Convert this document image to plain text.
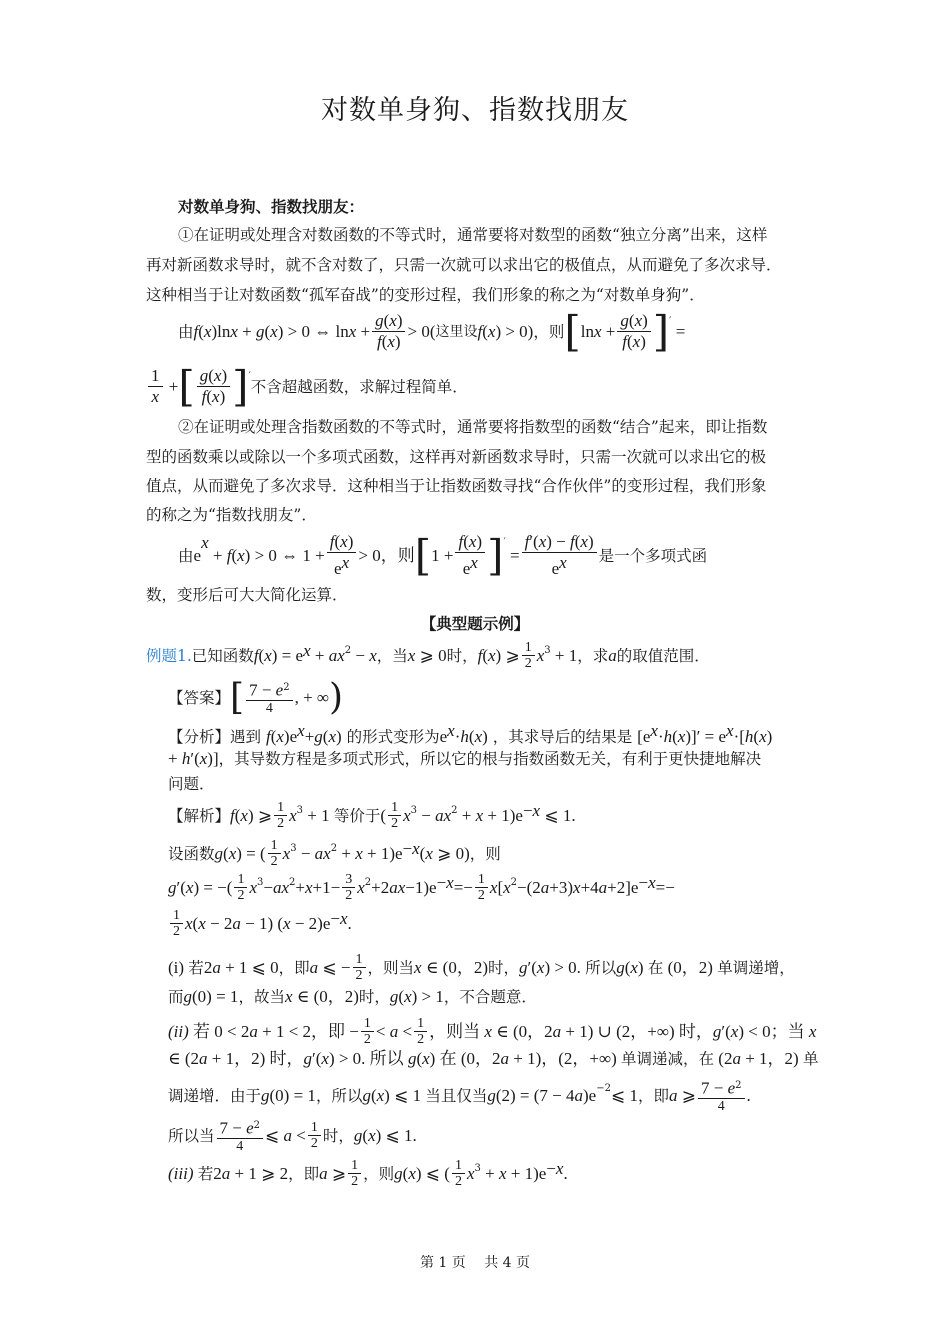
对数单身狗、指数找朋友
对数单身狗、指数找朋友：
①在证明或处理含对数函数的不等式时，通常要将对数型的函数“独立分离”出来，这样
再对新函数求导时，就不含对数了，只需一次就可以求出它的极值点，从而避免了多次求导．
这种相当于让对数函数“孤军奋战”的变形过程，我们形象的称之为“对数单身狗”．
由 f ( x )ln x + g ( x ) > 0 ⇔ $\ln x + \frac{g(x)}{f(x)} > 0$( 这里设 f ( x ) > 0) ，则 [ $\ln x + \frac{g(x)}{f(x)} ]'$ =
$\frac{1}{x}$ + [ $\frac{g(x)}{f(x)} ]'$
不含超越函数，求解过程简单．
②在证明或处理含指数函数的不等式时，通常要将指数型的函数“结合”起来，即让指数
型的函数乘以或除以一个多项式函数，这样再对新函数求导时，只需一次就可以求出它的极
值点，从而避免了多次求导．这种相当于让指数函数寻找“合作伙伴”的变形过程，我们形象
的称之为“指数找朋友”．
由 e
x
+ f ( x ) > 0 ⇔ $1 + \frac{f(x)}{e^x} > 0$，则 [ $1 + \frac{f(x)}{e^x} ]'$
= $\frac{f'(x) - f(x)}{e^x}$ 是一个多项式函
数，变形后可大大简化运算．
【典型题示例】
例题1. 已知函数 f ( x ) = e $x + ax^2 - x$ ，当 x ⩾ 0 时， f ( x ) ⩾ $\frac{1}{2} x^3 + 1$ ，求 a 的取值范围．
【答案】 [ $\frac{7 - e^2}{4}$ , + ∞ )
【分析】遇到 $f(x)e^x+g(x)$ 的形式变形为$e^x\cdot h(x)$ ，其求导后的结果是 $[e^x\cdot h(x)]' = e^x\cdot[h(x)$
+ h′(x)]，其导数方程是多项式形式，所以它的根与指数函数无关，有利于更快捷地解决
问题．
【解析】 f ( x ) ⩾ $\frac{1}{2} x^3 + 1$ 等价于 ( $\frac{1}{2} x^3 - ax^2 + x + 1)e -x$ ⩽ 1.
设函数 g ( x ) = ( $\frac{1}{2} x^3 - ax^2 + x + 1)e -x$ ( x ⩾ 0) ，则
g ′( x ) = −( $\frac{1}{2} x^3 - ax^2 + x +1- \frac{3}{2} x^2 +2$ ax −1)e $^{-x} =- \frac{1}{2}$ x [ $x^2 -(2$ a +3) x +4 a +2]e $^{-x}$ =−
$\frac{1}{2}$ x ( x − 2 a − 1) ( x − 2)e −x .
(i) 若 2 a + 1 ⩽ 0 ，即 a ⩽ − $\frac{1}{2}$ ，则当 x ∈ (0，2) 时， g ′( x ) > 0. 所以 g ( x ) 在 (0，2) 单调递增，
而 g (0) = 1 ，故当 x ∈ (0，2) 时， g ( x ) > 1 ，不合题意．
(ii) 若 0 < 2 a + 1 < 2，即 − $\frac{1}{2} < a < \frac{1}{2}$ ，则当 x ∈ (0，2 a + 1) ∪ (2，+∞) 时， g ′( x ) < 0；当 x
∈ (2 a + 1，2) 时， g ′( x ) > 0. 所以 g ( x ) 在 (0，2 a + 1)，(2，+∞) 单调递减，在 (2 a + 1，2) 单
调递增．由于 g (0) = 1 ，所以 g ( x ) ⩽ 1 当且仅当 g (2) = (7 − 4 a )$e^{-2}$ ⩽ 1 ，即 a ⩾ $\frac{7 - e^2}{4}$ .
所以当 $\frac{7 - e^2}{4}$ ⩽ $a < \frac{1}{2}$ 时， g ( x ) ⩽ 1.
(iii) 若 2 a + 1 ⩾ 2 ，即 a ⩾ $\frac{1}{2}$ ，则 g ( x ) ⩽ ( $\frac{1}{2} x^3 + x + 1)e -x$ .
第 1 页　 共 4 页
